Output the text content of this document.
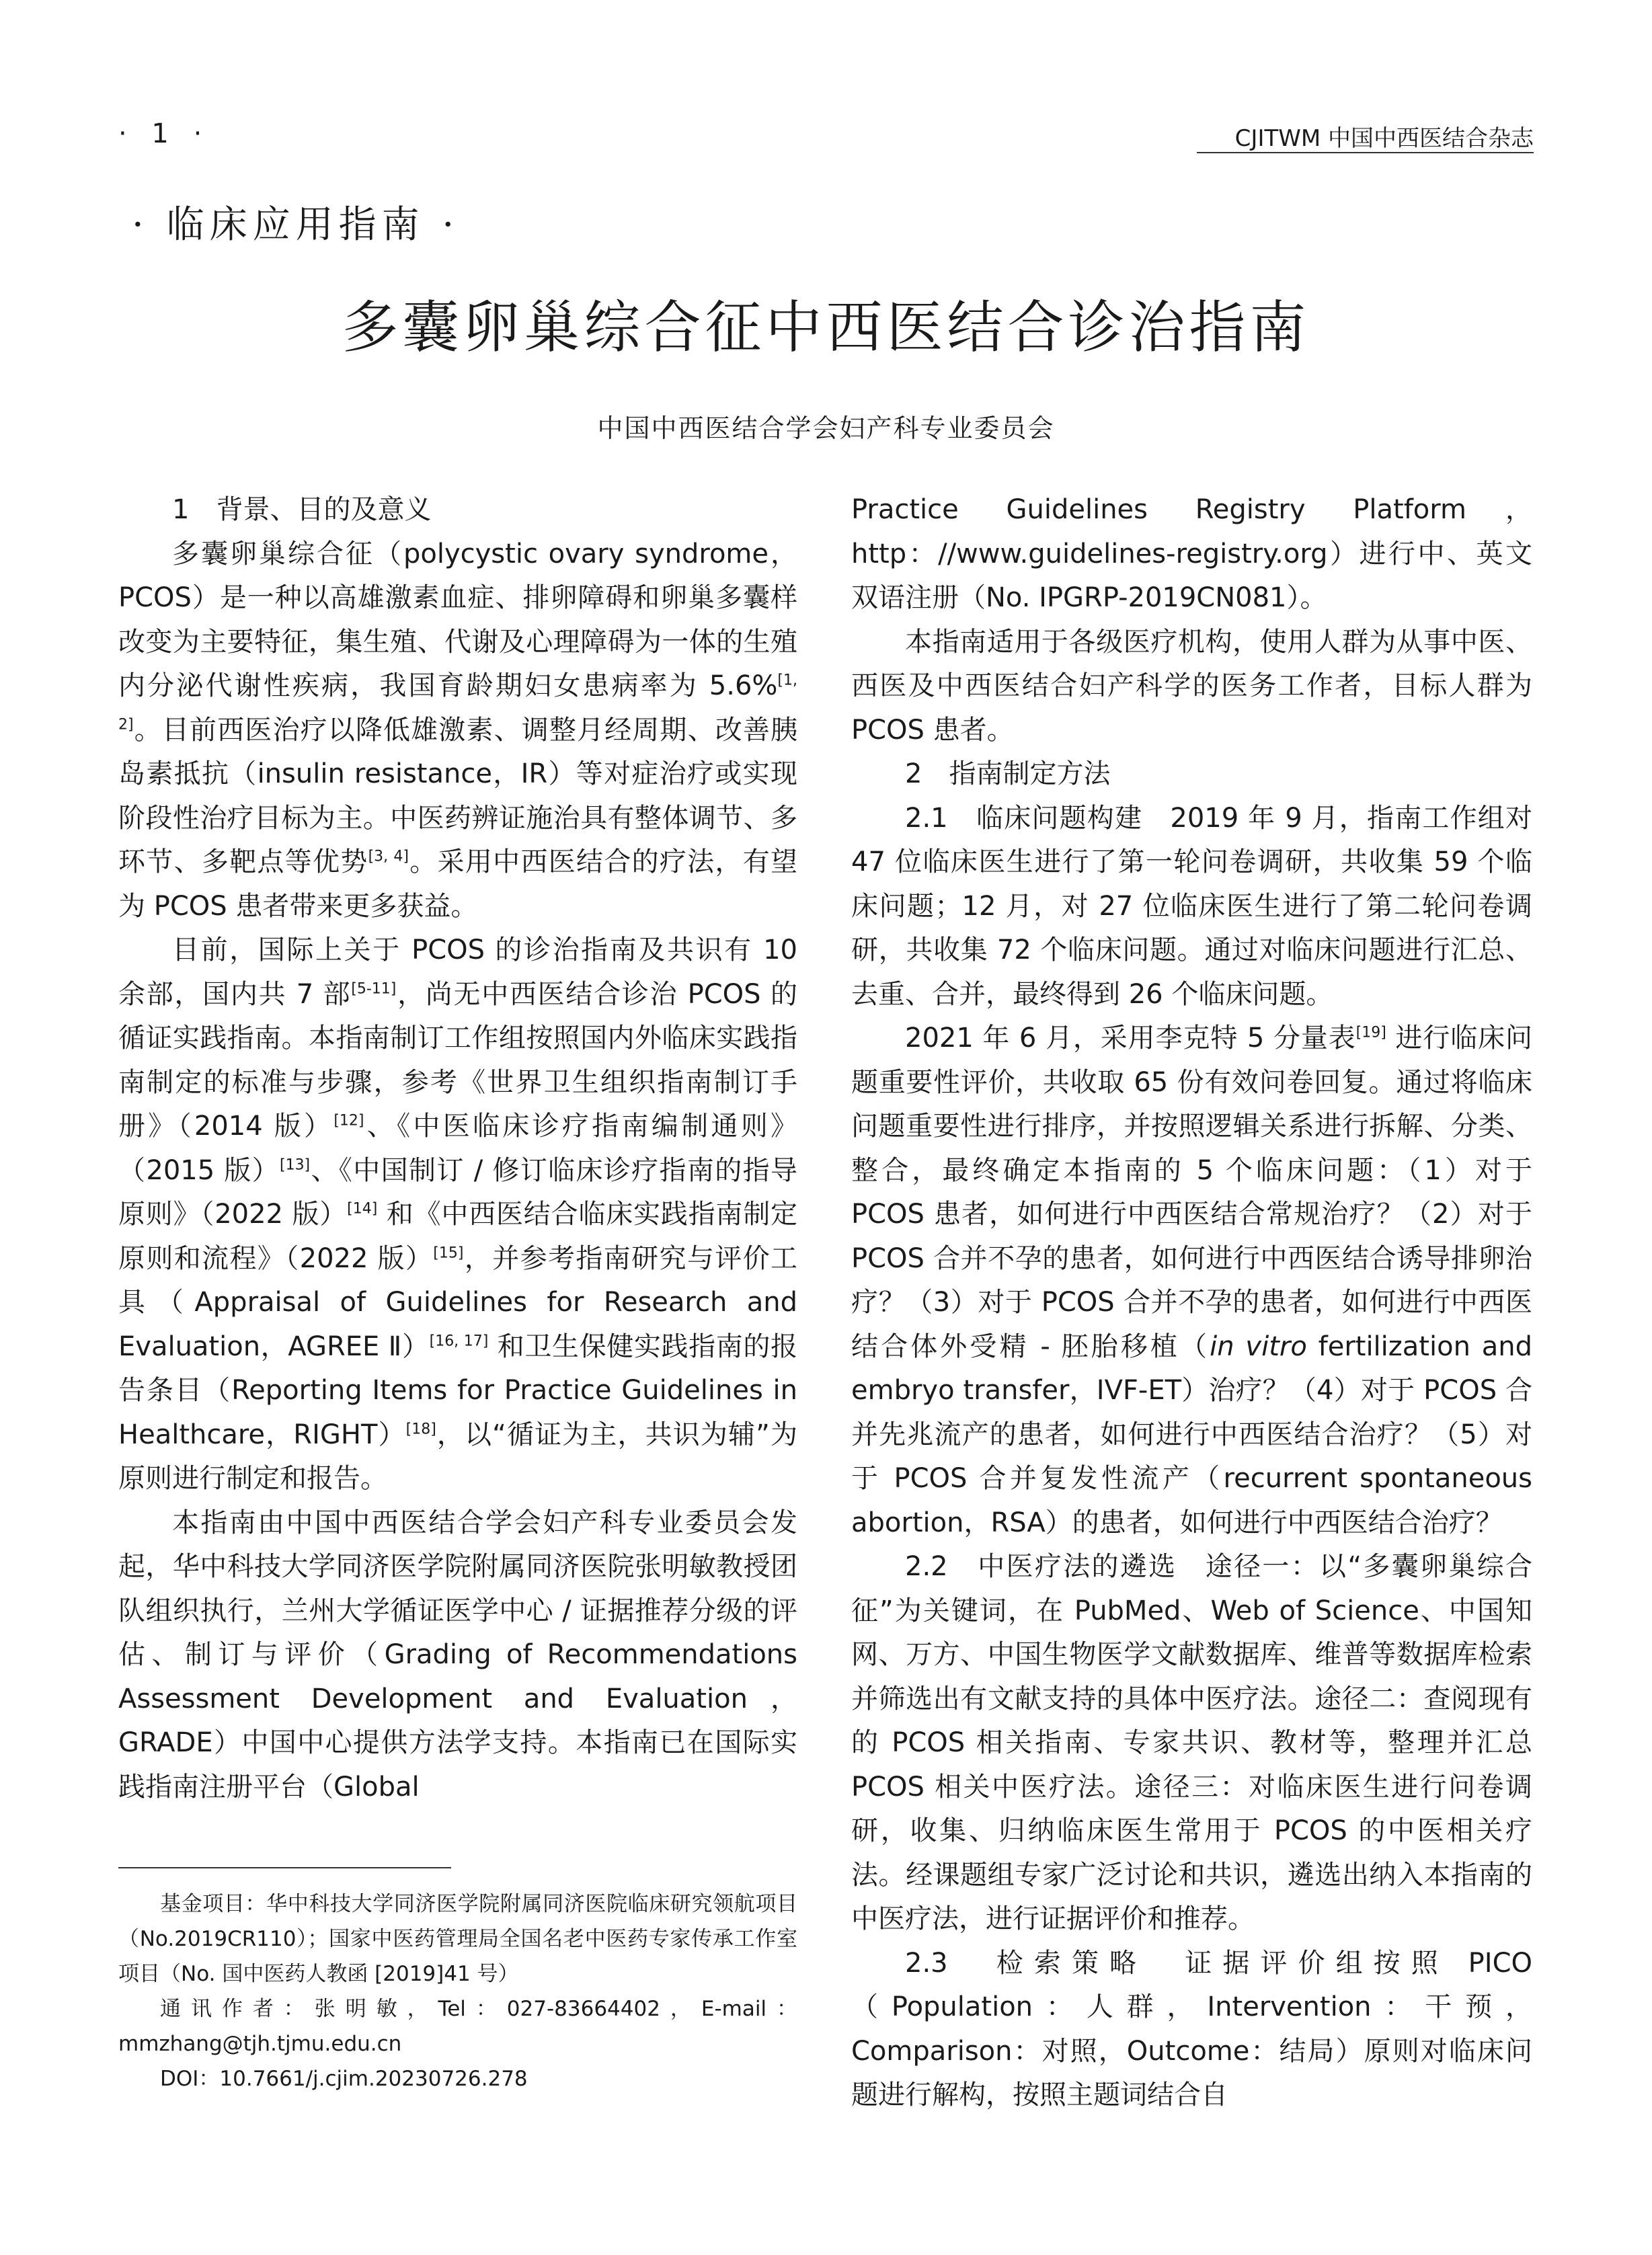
· 1 ·	CJITWM 中国中西医结合杂志
· 临床应用指南 ·
多囊卵巢综合征中西医结合诊治指南
中国中西医结合学会妇产科专业委员会

1　背景、目的及意义

多囊卵巢综合征（polycystic ovary syndrome，PCOS）是一种以高雄激素血症、排卵障碍和卵巢多囊样改变为主要特征，集生殖、代谢及心理障碍为一体的生殖内分泌代谢性疾病，我国育龄期妇女患病率为 5.6%[1, 2]。目前西医治疗以降低雄激素、调整月经周期、改善胰岛素抵抗（insulin resistance，IR）等对症治疗或实现阶段性治疗目标为主。中医药辨证施治具有整体调节、多环节、多靶点等优势[3, 4]。采用中西医结合的疗法，有望为 PCOS 患者带来更多获益。

目前，国际上关于 PCOS 的诊治指南及共识有 10 余部，国内共 7 部[5-11]，尚无中西医结合诊治 PCOS 的循证实践指南。本指南制订工作组按照国内外临床实践指南制定的标准与步骤，参考《世界卫生组织指南制订手册》（2014 版）[12]、《中医临床诊疗指南编制通则》（2015 版）[13]、《中国制订 / 修订临床诊疗指南的指导原则》（2022 版）[14] 和《中西医结合临床实践指南制定原则和流程》（2022 版）[15]，并参考指南研究与评价工具（Appraisal of Guidelines for Research and Evaluation，AGREE Ⅱ）[16, 17] 和卫生保健实践指南的报告条目（Reporting Items for Practice Guidelines in Healthcare，RIGHT）[18]，以“循证为主，共识为辅”为原则进行制定和报告。

本指南由中国中西医结合学会妇产科专业委员会发起，华中科技大学同济医学院附属同济医院张明敏教授团队组织执行，兰州大学循证医学中心 / 证据推荐分级的评估、制订与评价（Grading of Recommendations Assessment Development and Evaluation，GRADE）中国中心提供方法学支持。本指南已在国际实践指南注册平台（Global

Practice Guidelines Registry Platform，http：//www.guidelines-registry.org）进行中、英文双语注册（No. IPGRP-2019CN081）。

本指南适用于各级医疗机构，使用人群为从事中医、西医及中西医结合妇产科学的医务工作者，目标人群为 PCOS 患者。

2　指南制定方法

2.1　临床问题构建　2019 年 9 月，指南工作组对 47 位临床医生进行了第一轮问卷调研，共收集 59 个临床问题；12 月，对 27 位临床医生进行了第二轮问卷调研，共收集 72 个临床问题。通过对临床问题进行汇总、去重、合并，最终得到 26 个临床问题。

2021 年 6 月，采用李克特 5 分量表[19] 进行临床问题重要性评价，共收取 65 份有效问卷回复。通过将临床问题重要性进行排序，并按照逻辑关系进行拆解、分类、整合，最终确定本指南的 5 个临床问题：（1）对于 PCOS 患者，如何进行中西医结合常规治疗？（2）对于 PCOS 合并不孕的患者，如何进行中西医结合诱导排卵治疗？（3）对于 PCOS 合并不孕的患者，如何进行中西医结合体外受精 - 胚胎移植（in vitro fertilization and embryo transfer，IVF-ET）治疗？（4）对于 PCOS 合并先兆流产的患者，如何进行中西医结合治疗？（5）对于 PCOS 合并复发性流产（recurrent spontaneous abortion，RSA）的患者，如何进行中西医结合治疗？

2.2　中医疗法的遴选　途径一：以“多囊卵巢综合征”为关键词，在 PubMed、Web of Science、中国知网、万方、中国生物医学文献数据库、维普等数据库检索并筛选出有文献支持的具体中医疗法。途径二：查阅现有的 PCOS 相关指南、专家共识、教材等，整理并汇总 PCOS 相关中医疗法。途径三：对临床医生进行问卷调研，收集、归纳临床医生常用于 PCOS 的中医相关疗法。经课题组专家广泛讨论和共识，遴选出纳入本指南的中医疗法，进行证据评价和推荐。

2.3　检索策略　证据评价组按照 PICO（Population：人群，Intervention：干预，Comparison：对照，Outcome：结局）原则对临床问题进行解构，按照主题词结合自

基金项目：华中科技大学同济医学院附属同济医院临床研究领航项目（No.2019CR110）；国家中医药管理局全国名老中医药专家传承工作室项目（No. 国中医药人教函 [2019]41 号）

通讯作者：张明敏，Tel：027-83664402，E-mail：mmzhang@tjh.tjmu.edu.cn

DOI：10.7661/j.cjim.20230726.278
